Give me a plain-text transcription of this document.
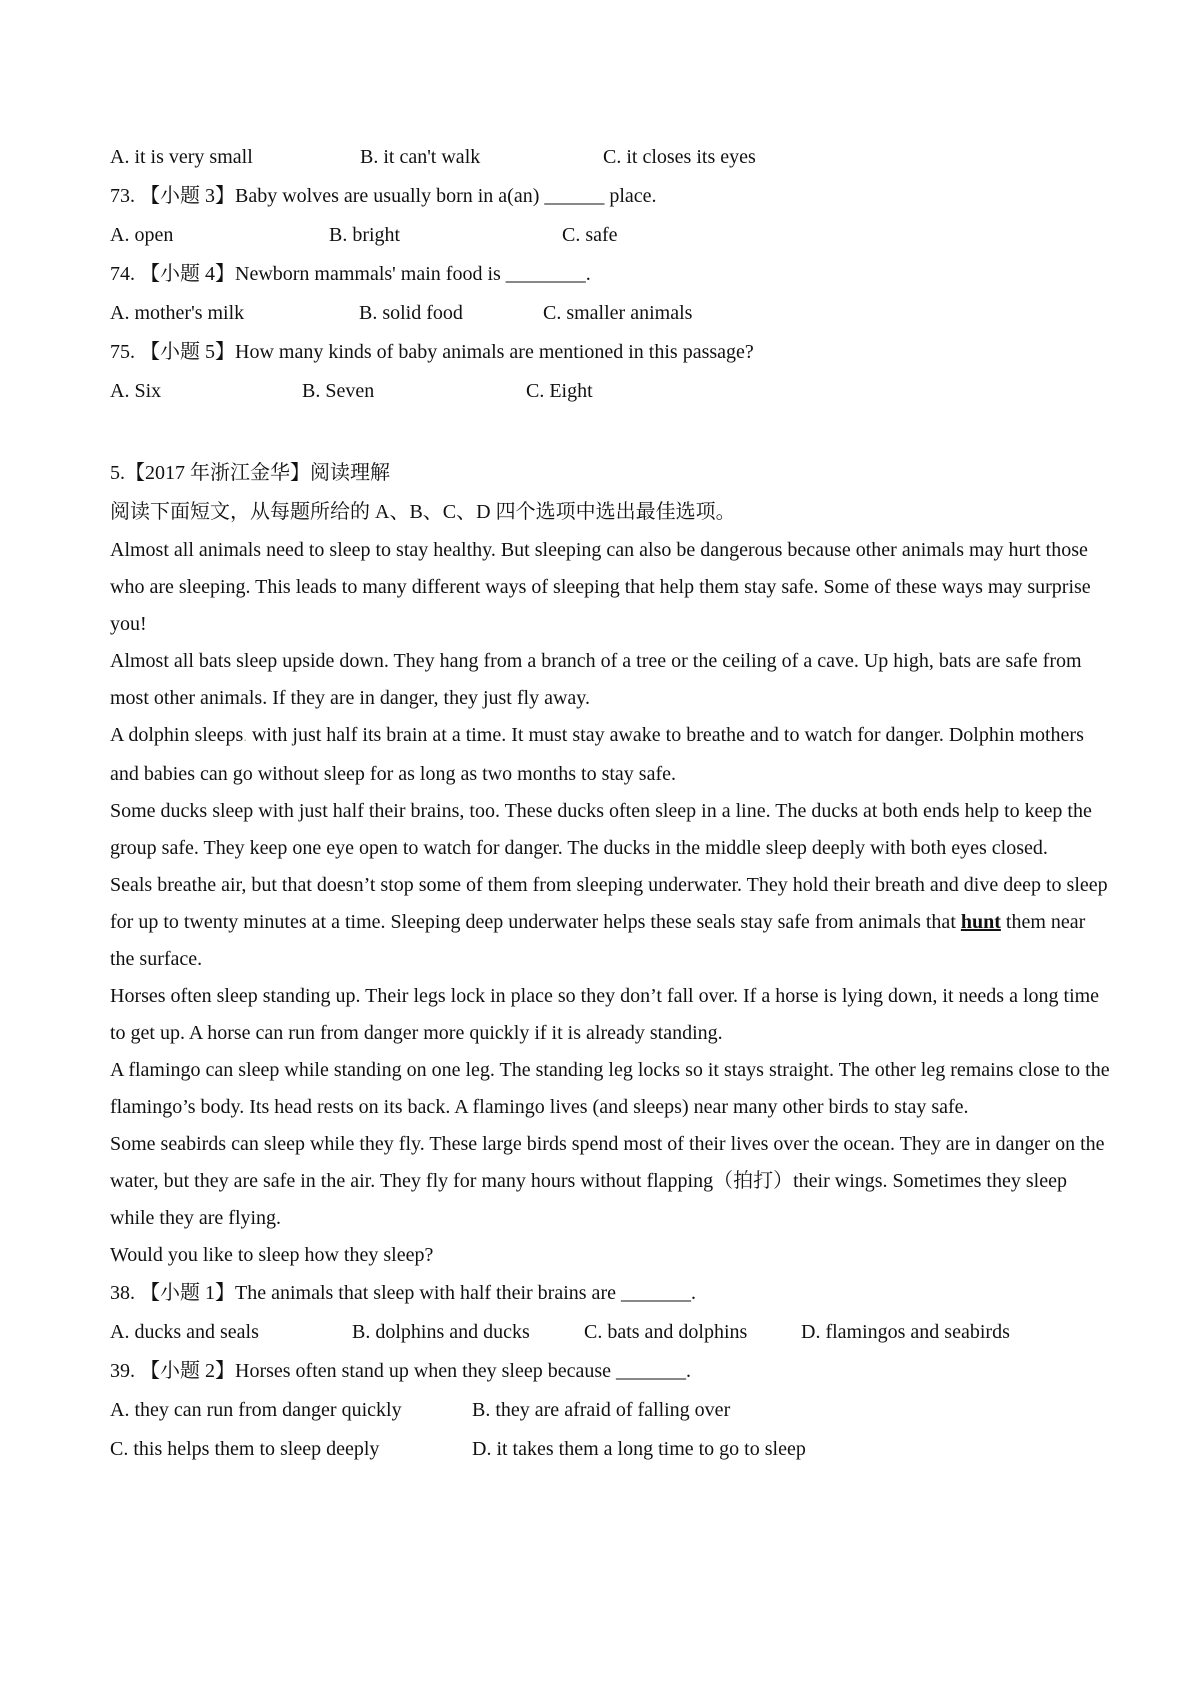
A. it is very small	B. it can't walk	C. it closes its eyes
73. 【小题 3】Baby wolves are usually born in a(an) ______ place.
A. open	B. bright	C. safe
74. 【小题 4】Newborn mammals' main food is ________.
A. mother's milk	B. solid food	C. smaller animals
75. 【小题 5】How many kinds of baby animals are mentioned in this passage?
A. Six	B. Seven	C. Eight
5.【2017 年浙江金华】阅读理解
阅读下面短文，从每题所给的 A、B、C、D 四个选项中选出最佳选项。
Almost all animals need to sleep to stay healthy. But sleeping can also be dangerous because other animals may hurt those who are sleeping. This leads to many different ways of sleeping that help them stay safe. Some of these ways may surprise you!
Almost all bats sleep upside down. They hang from a branch of a tree or the ceiling of a cave. Up high, bats are safe from most other animals. If they are in danger, they just fly away.
A dolphin sleeps. with just half its brain at a time. It must stay awake to breathe and to watch for danger. Dolphin mothers and babies can go without sleep for as long as two months to stay safe.
Some ducks sleep with just half their brains, too. These ducks often sleep in a line. The ducks at both ends help to keep the group safe. They keep one eye open to watch for danger. The ducks in the middle sleep deeply with both eyes closed.
Seals breathe air, but that doesn’t stop some of them from sleeping underwater. They hold their breath and dive deep to sleep for up to twenty minutes at a time. Sleeping deep underwater helps these seals stay safe from animals that hunt them near the surface.
Horses often sleep standing up. Their legs lock in place so they don’t fall over. If a horse is lying down, it needs a long time to get up. A horse can run from danger more quickly if it is already standing.
A flamingo can sleep while standing on one leg. The standing leg locks so it stays straight. The other leg remains close to the flamingo’s body. Its head rests on its back. A flamingo lives (and sleeps) near many other birds to stay safe.
Some seabirds can sleep while they fly. These large birds spend most of their lives over the ocean. They are in danger on the water, but they are safe in the air. They fly for many hours without flapping（拍打）their wings. Sometimes they sleep while they are flying.
Would you like to sleep how they sleep?
38. 【小题 1】The animals that sleep with half their brains are _______.
A. ducks and seals	B. dolphins and ducks	C. bats and dolphins	D. flamingos and seabirds
39. 【小题 2】Horses often stand up when they sleep because _______.
A. they can run from danger quickly	B. they are afraid of falling over
C. this helps them to sleep deeply	D. it takes them a long time to go to sleep
